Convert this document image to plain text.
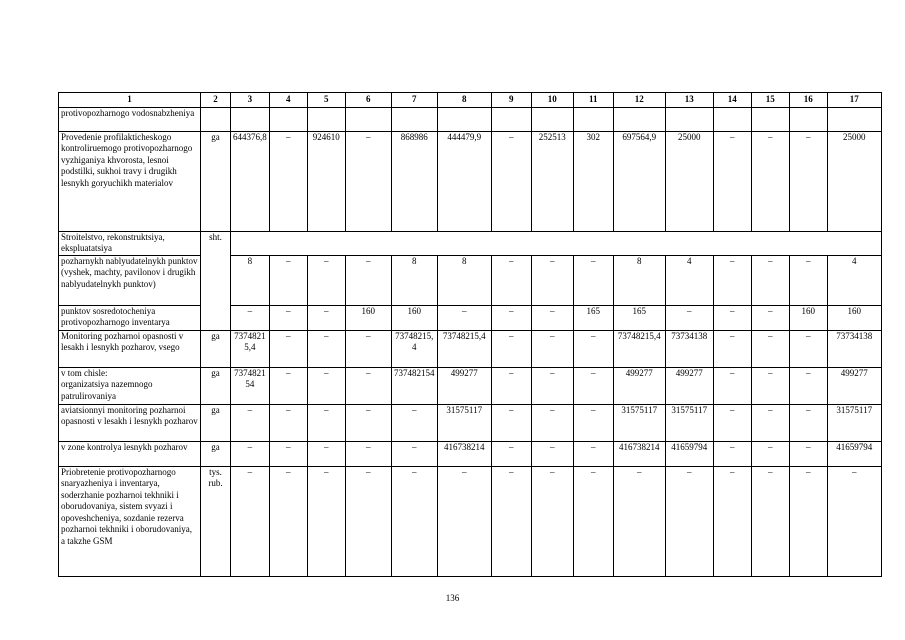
1	2	3	4	5	6	7	8	9	10	11	12	13	14	15	16	17
protivopozharnogo vodosnabzheniya																
Provedenie profilakticheskogo kontroliruemogo protivopozharnogo vyzhiganiya khvorosta, lesnoi podstilki, sukhoi travy i drugikh lesnykh goryuchikh materialov	ga	644376,8	–	924610	–	868986	444479,9	–	252513	302	697564,9	25000	–	–	–	25000
Stroitelstvo, rekonstruktsiya, ekspluatatsiya	sht.															
pozharnykh nablyudatelnykh punktov (vyshek, machty, pavilonov i drugikh nablyudatelnykh punktov)		8	–	–	–	8	8	–	–	–	8	4	–	–	–	4
punktov sosredotocheniya protivopozharnogo inventarya		–	–	–	160	160	–	–	–	165	165	–	–	–	160	160
Monitoring pozharnoi opasnosti v lesakh i lesnykh pozharov, vsego	ga	7374821 5,4	–	–	–	73748215, 4	73748215,4	–	–	–	73748215,4	73734138	–	–	–	73734138

v tom chisle:
organizatsiya nazemnogo patrulirovaniya	ga	7374821 54	–	–	–	737482154	499277	–	–	–	499277	499277	–	–	–	499277
aviatsionnyi monitoring pozharnoi opasnosti v lesakh i lesnykh pozharov	ga	–	–	–	–	–	31575117	–	–	–	31575117	31575117	–	–	–	31575117
v zone kontrolya lesnykh pozharov	ga	–	–	–	–	–	416738214	–	–	–	416738214	41659794	–	–	–	41659794
Priobretenie protivopozharnogo snaryazheniya i inventarya, soderzhanie pozharnoi tekhniki i oborudovaniya, sistem svyazi i opoveshcheniya, sozdanie rezerva pozharnoi tekhniki i oborudovaniya, a takzhe GSM	tys. rub.	–	–	–	–	–	–	–	–	–	–	–	–	–	–	–
136
